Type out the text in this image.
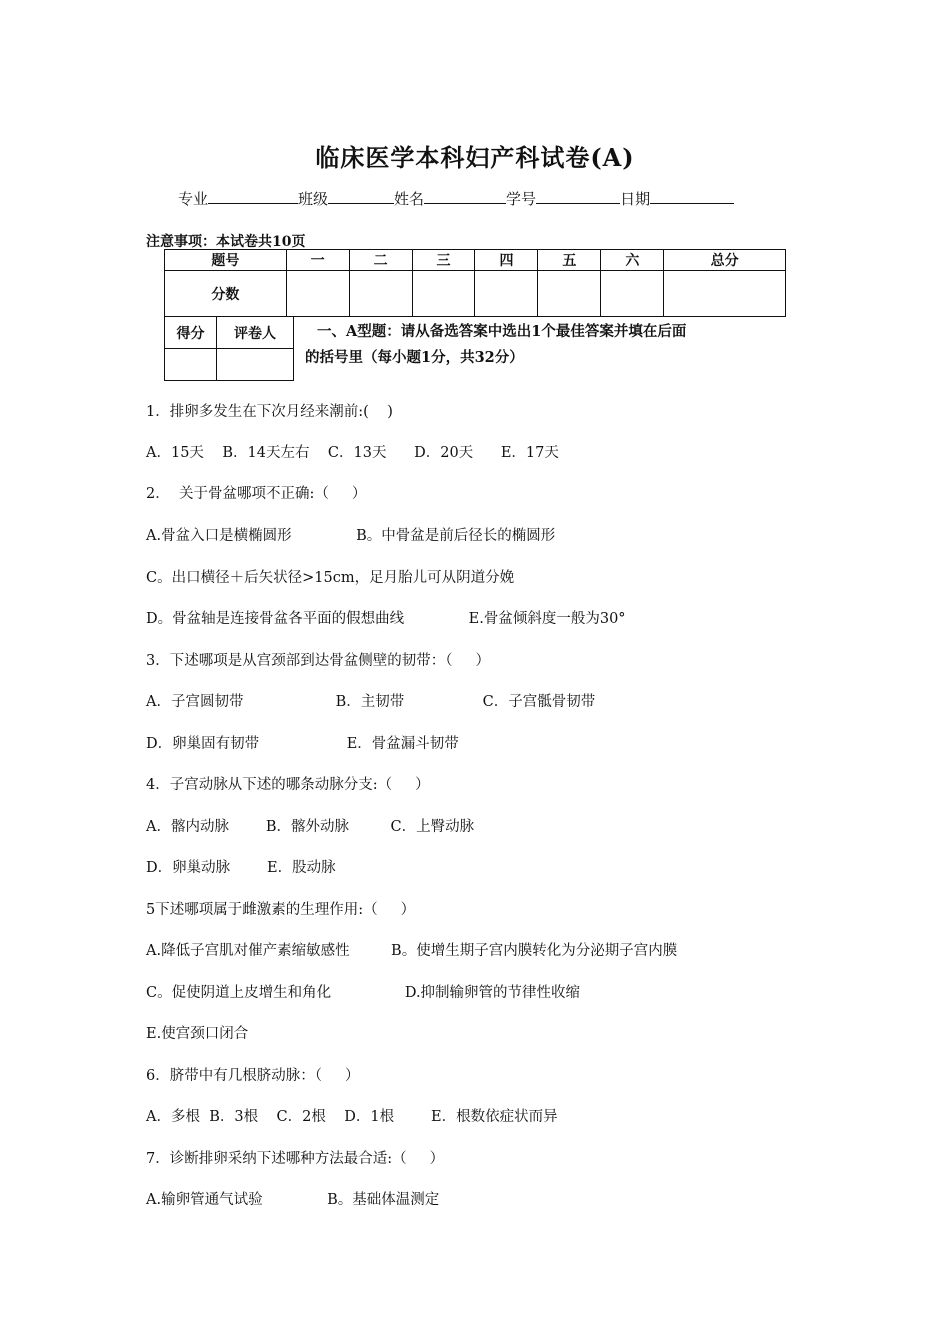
临床医学本科妇产科试卷(A)
专业	班级	姓名	学号	日期
注意事项：本试卷共10页
题号	一	二	三	四	五	六	总分
分数							
得分	评卷人
		一、A型题：请从备选答案中选出1个最佳答案并填在后面
的括号里（每小题1分，共32分）
1．排卵多发生在下次月经来潮前:(    )
A．15天    B．14天左右    C．13天      D．20天      E．17天
2．  关于骨盆哪项不正确:（     ）
A.骨盆入口是横椭圆形              B。中骨盆是前后径长的椭圆形
C。出口横径＋后矢状径>15cm，足月胎儿可从阴道分娩
D。骨盆轴是连接骨盆各平面的假想曲线              E.骨盆倾斜度一般为30°
3．下述哪项是从宫颈部到达骨盆侧壁的韧带：（     ）
A．子宫圆韧带                    B．主韧带                 C．子宫骶骨韧带
D．卵巢固有韧带                   E．骨盆漏斗韧带
4．子宫动脉从下述的哪条动脉分支:（     ）
A．髂内动脉        B．髂外动脉         C．上臀动脉
D．卵巢动脉        E．股动脉
5下述哪项属于雌激素的生理作用:（     ）
A.降低子宫肌对催产素缩敏感性         B。使增生期子宫内膜转化为分泌期子宫内膜
C。促使阴道上皮增生和角化                D.抑制输卵管的节律性收缩
E.使宫颈口闭合
6．脐带中有几根脐动脉：（     ）
A．多根  B．3根    C．2根    D．1根        E．根数依症状而异
7．诊断排卵采纳下述哪种方法最合适:（     ）
A.输卵管通气试验              B。基础体温测定
